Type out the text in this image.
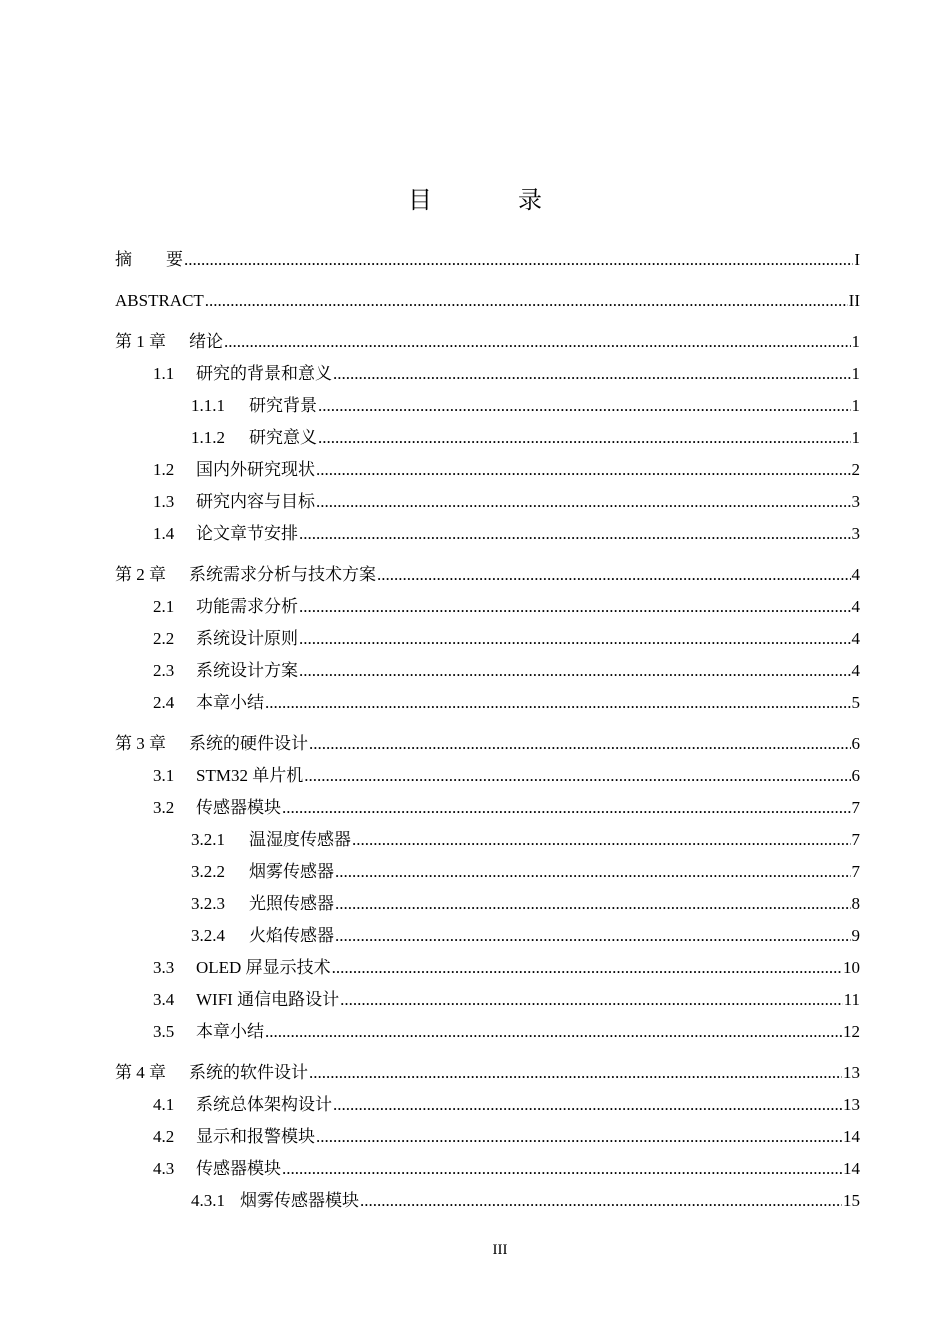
目 录
摘　　要 .....	I
ABSTRACT .....	II
第 1 章	绪论 .....	1
1.1	研究的背景和意义 .....	1
1.1.1	研究背景 .....	1
1.1.2	研究意义 .....	1
1.2	国内外研究现状 .....	2
1.3	研究内容与目标 .....	3
1.4	论文章节安排 .....	3
第 2 章	系统需求分析与技术方案 .....	4
2.1	功能需求分析 .....	4
2.2	系统设计原则 .....	4
2.3	系统设计方案 .....	4
2.4	本章小结 .....	5
第 3 章	系统的硬件设计 .....	6
3.1	STM32 单片机 .....	6
3.2	传感器模块 .....	7
3.2.1	温湿度传感器 .....	7
3.2.2	烟雾传感器 .....	7
3.2.3	光照传感器 .....	8
3.2.4	火焰传感器 .....	9
3.3	OLED 屏显示技术 .....	10
3.4	WIFI 通信电路设计 .....	11
3.5	本章小结 .....	12
第 4 章	系统的软件设计 .....	13
4.1	系统总体架构设计 .....	13
4.2	显示和报警模块 .....	14
4.3	传感器模块 .....	14
4.3.1 烟雾传感器模块 .....	15
III
